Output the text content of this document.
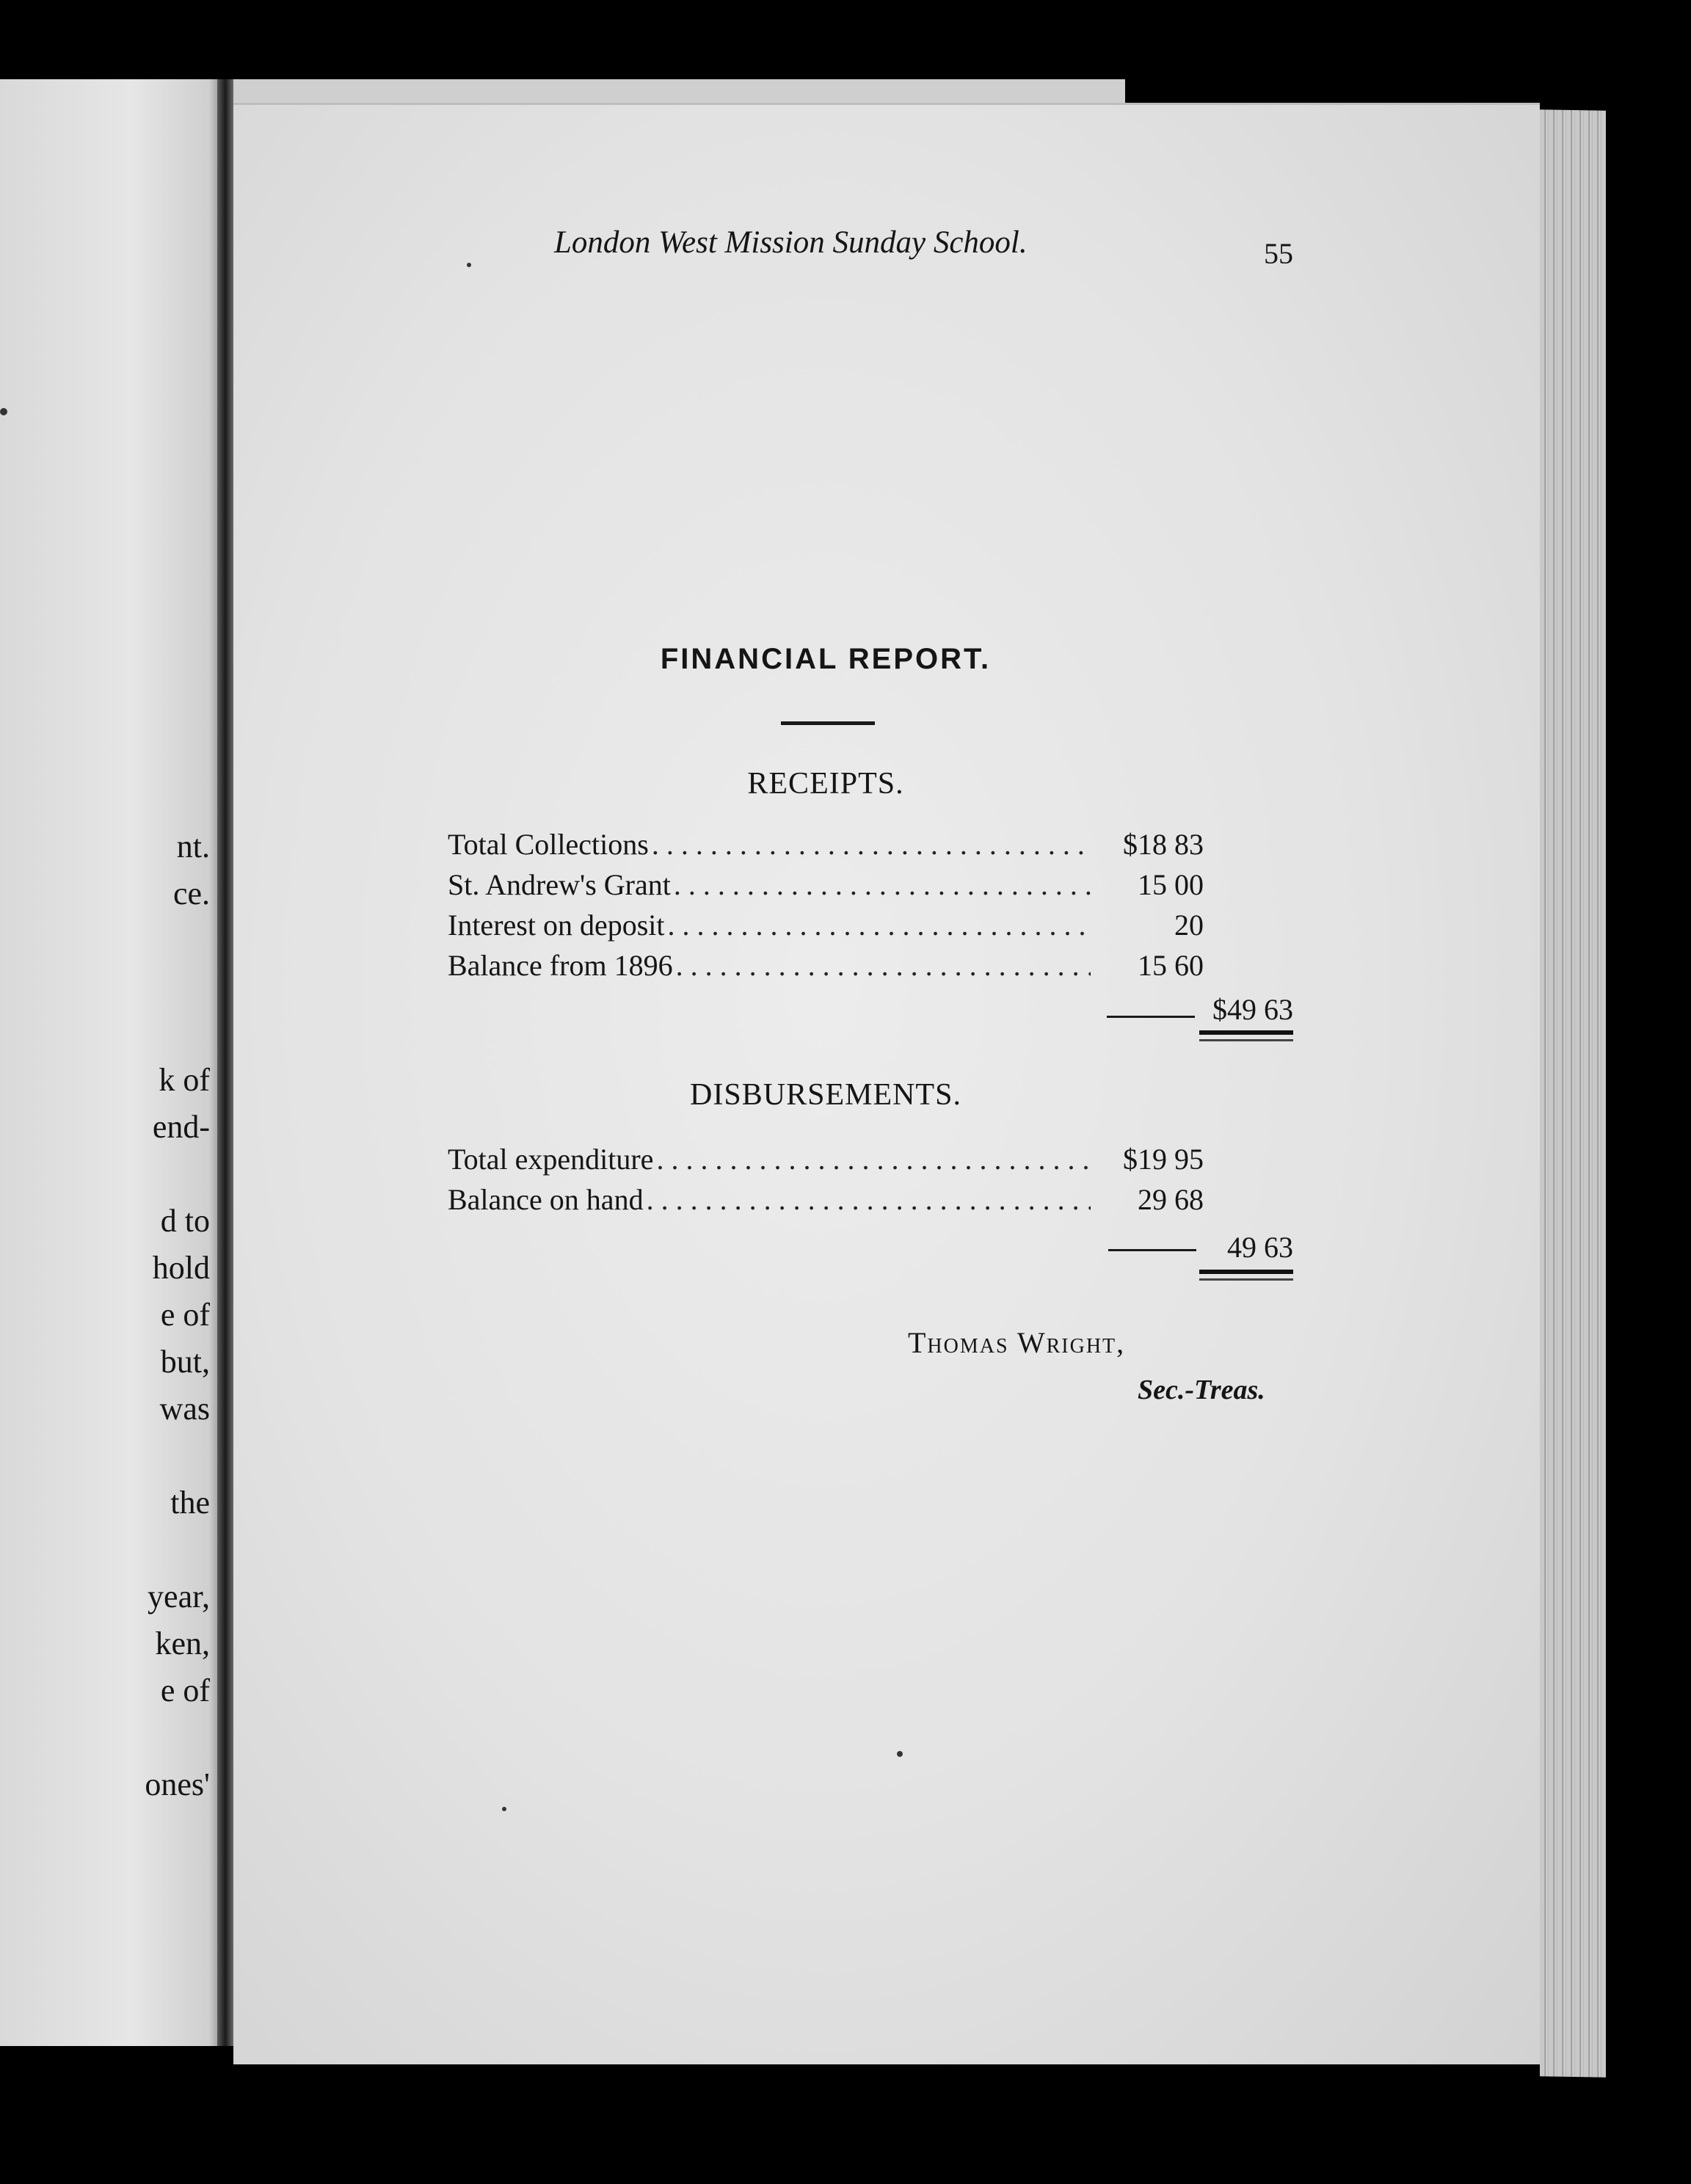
nt.
ce.
k of
end-
d to
hold
e of
but,
was
the
year,
ken,
e of
ones'
London West Mission Sunday School.	55
FINANCIAL REPORT.
RECEIPTS.
Total Collections . . .	$18 83
St. Andrew's Grant . . .	15 00
Interest on deposit . . .	20
Balance from 1896 . . .	15 60
$49 63
DISBURSEMENTS.
Total expenditure . . .	$19 95
Balance on hand . . .	29 68
49 63
Thomas Wright,
Sec.-Treas.
